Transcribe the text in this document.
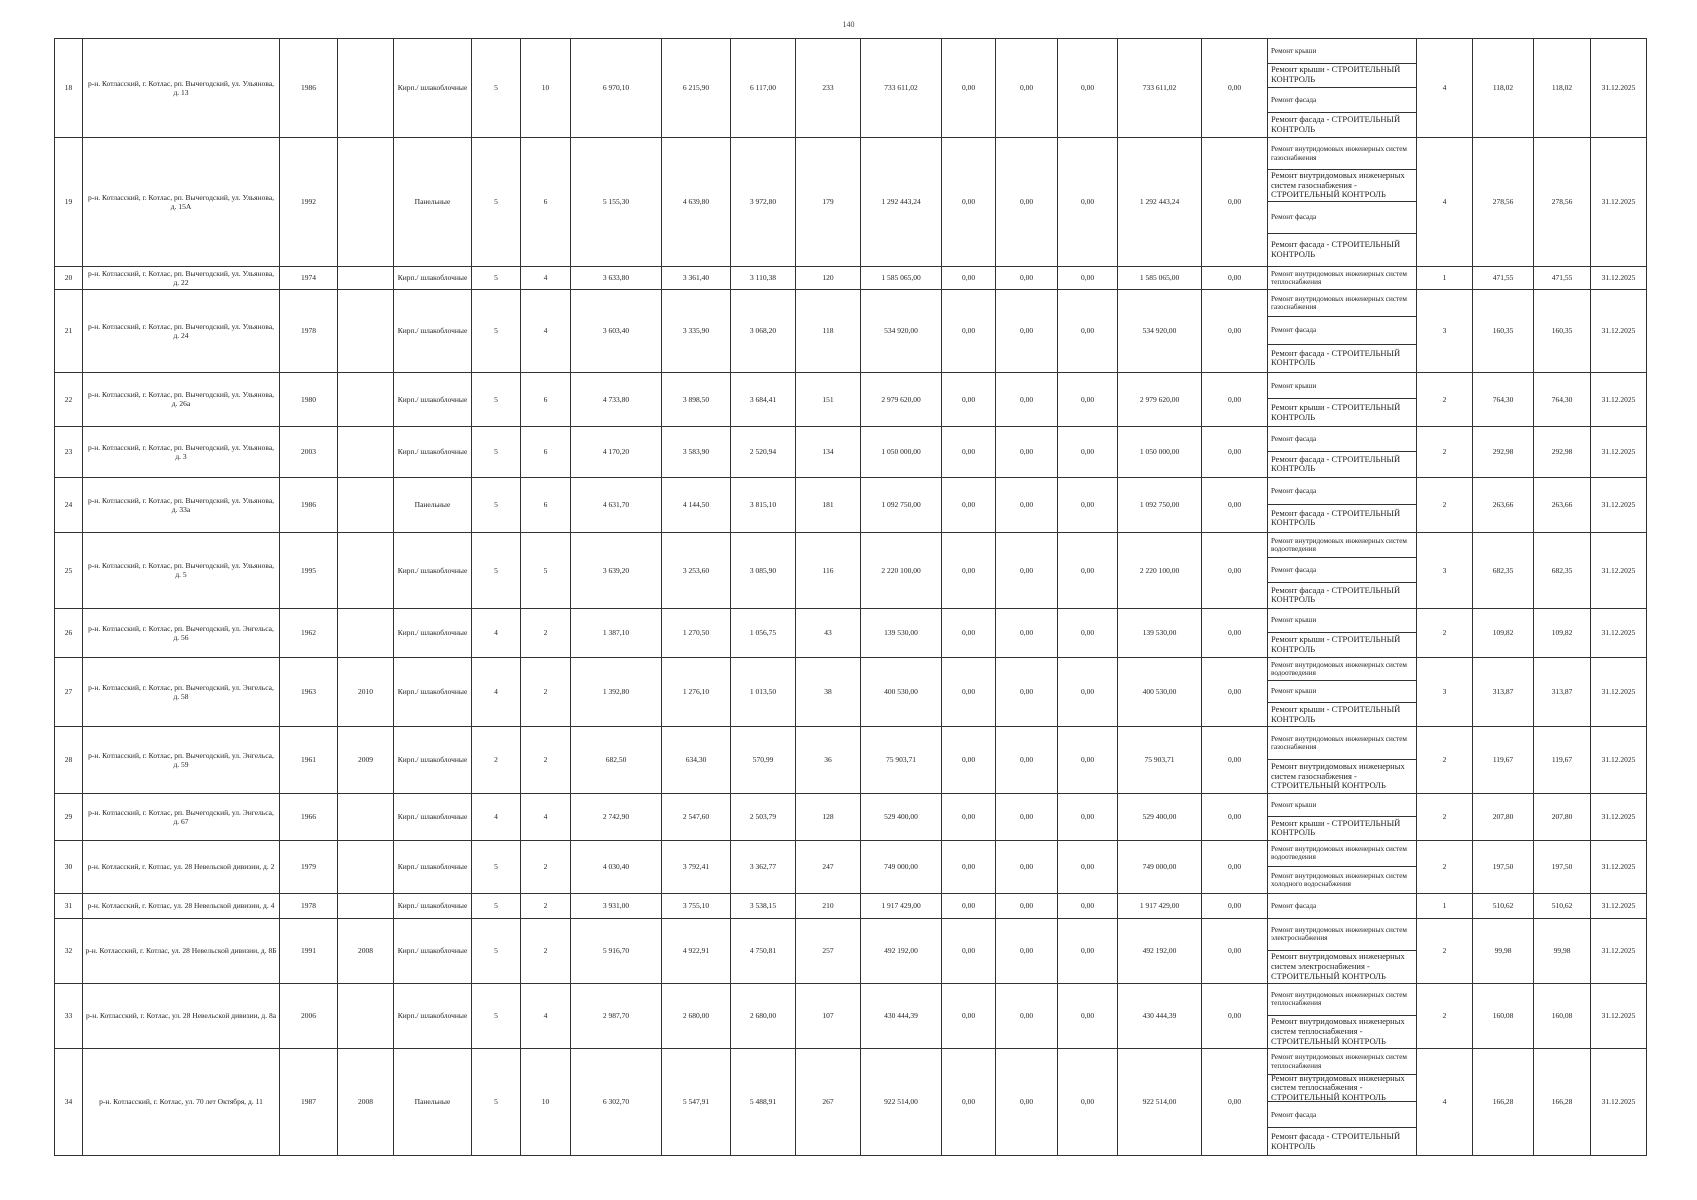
140
18	р-н. Котласский, г. Котлас, рп. Вычегодский, ул. Ульянова, д. 13	1986		Кирп./ шлакоблочные	5	10	6 970,10	6 215,90	6 117,00	233	733 611,02	0,00	0,00	0,00	733 611,02	0,00	Ремонт крыши
Ремонт крыши - СТРОИТЕЛЬНЫЙ КОНТРОЛЬ
Ремонт фасада
Ремонт фасада - СТРОИТЕЛЬНЫЙ КОНТРОЛЬ	4	118,02	118,02	31.12.2025
19	р-н. Котласский, г. Котлас, рп. Вычегодский, ул. Ульянова, д. 15А	1992		Панельные	5	6	5 155,30	4 639,80	3 972,80	179	1 292 443,24	0,00	0,00	0,00	1 292 443,24	0,00	Ремонт внутридомовых инженерных систем газоснабжения
Ремонт внутридомовых инженерных систем газоснабжения - СТРОИТЕЛЬНЫЙ КОНТРОЛЬ
Ремонт фасада
Ремонт фасада - СТРОИТЕЛЬНЫЙ КОНТРОЛЬ	4	278,56	278,56	31.12.2025
20	р-н. Котласский, г. Котлас, рп. Вычегодский, ул. Ульянова, д. 22	1974		Кирп./ шлакоблочные	5	4	3 633,80	3 361,40	3 110,38	120	1 585 065,00	0,00	0,00	0,00	1 585 065,00	0,00	Ремонт внутридомовых инженерных систем теплоснабжения	1	471,55	471,55	31.12.2025
21	р-н. Котласский, г. Котлас, рп. Вычегодский, ул. Ульянова, д. 24	1978		Кирп./ шлакоблочные	5	4	3 603,40	3 335,90	3 068,20	118	534 920,00	0,00	0,00	0,00	534 920,00	0,00	Ремонт внутридомовых инженерных систем газоснабжения
Ремонт фасада
Ремонт фасада - СТРОИТЕЛЬНЫЙ КОНТРОЛЬ	3	160,35	160,35	31.12.2025
22	р-н. Котласский, г. Котлас, рп. Вычегодский, ул. Ульянова, д. 26а	1980		Кирп./ шлакоблочные	5	6	4 733,80	3 898,50	3 684,41	151	2 979 620,00	0,00	0,00	0,00	2 979 620,00	0,00	Ремонт крыши
Ремонт крыши - СТРОИТЕЛЬНЫЙ КОНТРОЛЬ	2	764,30	764,30	31.12.2025
23	р-н. Котласский, г. Котлас, рп. Вычегодский, ул. Ульянова, д. 3	2003		Кирп./ шлакоблочные	5	6	4 170,20	3 583,90	2 520,94	134	1 050 000,00	0,00	0,00	0,00	1 050 000,00	0,00	Ремонт фасада
Ремонт фасада - СТРОИТЕЛЬНЫЙ КОНТРОЛЬ	2	292,98	292,98	31.12.2025
24	р-н. Котласский, г. Котлас, рп. Вычегодский, ул. Ульянова, д. 33а	1986		Панельные	5	6	4 631,70	4 144,50	3 815,10	181	1 092 750,00	0,00	0,00	0,00	1 092 750,00	0,00	Ремонт фасада
Ремонт фасада - СТРОИТЕЛЬНЫЙ КОНТРОЛЬ	2	263,66	263,66	31.12.2025
25	р-н. Котласский, г. Котлас, рп. Вычегодский, ул. Ульянова, д. 5	1995		Кирп./ шлакоблочные	5	5	3 639,20	3 253,60	3 085,90	116	2 220 100,00	0,00	0,00	0,00	2 220 100,00	0,00	Ремонт внутридомовых инженерных систем водоотведения
Ремонт фасада
Ремонт фасада - СТРОИТЕЛЬНЫЙ КОНТРОЛЬ	3	682,35	682,35	31.12.2025
26	р-н. Котласский, г. Котлас, рп. Вычегодский, ул. Энгельса, д. 56	1962		Кирп./ шлакоблочные	4	2	1 387,10	1 270,50	1 056,75	43	139 530,00	0,00	0,00	0,00	139 530,00	0,00	Ремонт крыши
Ремонт крыши - СТРОИТЕЛЬНЫЙ КОНТРОЛЬ	2	109,82	109,82	31.12.2025
27	р-н. Котласский, г. Котлас, рп. Вычегодский, ул. Энгельса, д. 58	1963	2010	Кирп./ шлакоблочные	4	2	1 392,80	1 276,10	1 013,50	38	400 530,00	0,00	0,00	0,00	400 530,00	0,00	Ремонт внутридомовых инженерных систем водоотведения
Ремонт крыши
Ремонт крыши - СТРОИТЕЛЬНЫЙ КОНТРОЛЬ	3	313,87	313,87	31.12.2025
28	р-н. Котласский, г. Котлас, рп. Вычегодский, ул. Энгельса, д. 59	1961	2009	Кирп./ шлакоблочные	2	2	682,50	634,30	570,99	36	75 903,71	0,00	0,00	0,00	75 903,71	0,00	Ремонт внутридомовых инженерных систем газоснабжения
Ремонт внутридомовых инженерных систем газоснабжения - СТРОИТЕЛЬНЫЙ КОНТРОЛЬ	2	119,67	119,67	31.12.2025
29	р-н. Котласский, г. Котлас, рп. Вычегодский, ул. Энгельса, д. 67	1966		Кирп./ шлакоблочные	4	4	2 742,90	2 547,60	2 503,79	128	529 400,00	0,00	0,00	0,00	529 400,00	0,00	Ремонт крыши
Ремонт крыши - СТРОИТЕЛЬНЫЙ КОНТРОЛЬ	2	207,80	207,80	31.12.2025
30	р-н. Котласский, г. Котлас, ул. 28 Невельской дивизии, д. 2	1979		Кирп./ шлакоблочные	5	2	4 030,40	3 792,41	3 362,77	247	749 000,00	0,00	0,00	0,00	749 000,00	0,00	Ремонт внутридомовых инженерных систем водоотведения
Ремонт внутридомовых инженерных систем холодного водоснабжения	2	197,50	197,50	31.12.2025
31	р-н. Котласский, г. Котлас, ул. 28 Невельской дивизии, д. 4	1978		Кирп./ шлакоблочные	5	2	3 931,00	3 755,10	3 538,15	210	1 917 429,00	0,00	0,00	0,00	1 917 429,00	0,00	Ремонт фасада	1	510,62	510,62	31.12.2025
32	р-н. Котласский, г. Котлас, ул. 28 Невельской дивизии, д. 8Б	1991	2008	Кирп./ шлакоблочные	5	2	5 916,70	4 922,91	4 750,81	257	492 192,00	0,00	0,00	0,00	492 192,00	0,00	Ремонт внутридомовых инженерных систем электроснабжения
Ремонт внутридомовых инженерных систем электроснабжения - СТРОИТЕЛЬНЫЙ КОНТРОЛЬ	2	99,98	99,98	31.12.2025
33	р-н. Котласский, г. Котлас, ул. 28 Невельской дивизии, д. 8а	2006		Кирп./ шлакоблочные	5	4	2 987,70	2 680,00	2 680,00	107	430 444,39	0,00	0,00	0,00	430 444,39	0,00	Ремонт внутридомовых инженерных систем теплоснабжения
Ремонт внутридомовых инженерных систем теплоснабжения - СТРОИТЕЛЬНЫЙ КОНТРОЛЬ	2	160,08	160,08	31.12.2025
34	р-н. Котласский, г. Котлас, ул. 70 лет Октября, д. 11	1987	2008	Панельные	5	10	6 302,70	5 547,91	5 488,91	267	922 514,00	0,00	0,00	0,00	922 514,00	0,00	Ремонт внутридомовых инженерных систем теплоснабжения
Ремонт внутридомовых инженерных систем теплоснабжения - СТРОИТЕЛЬНЫЙ КОНТРОЛЬ
Ремонт фасада
Ремонт фасада - СТРОИТЕЛЬНЫЙ КОНТРОЛЬ	4	166,28	166,28	31.12.2025
